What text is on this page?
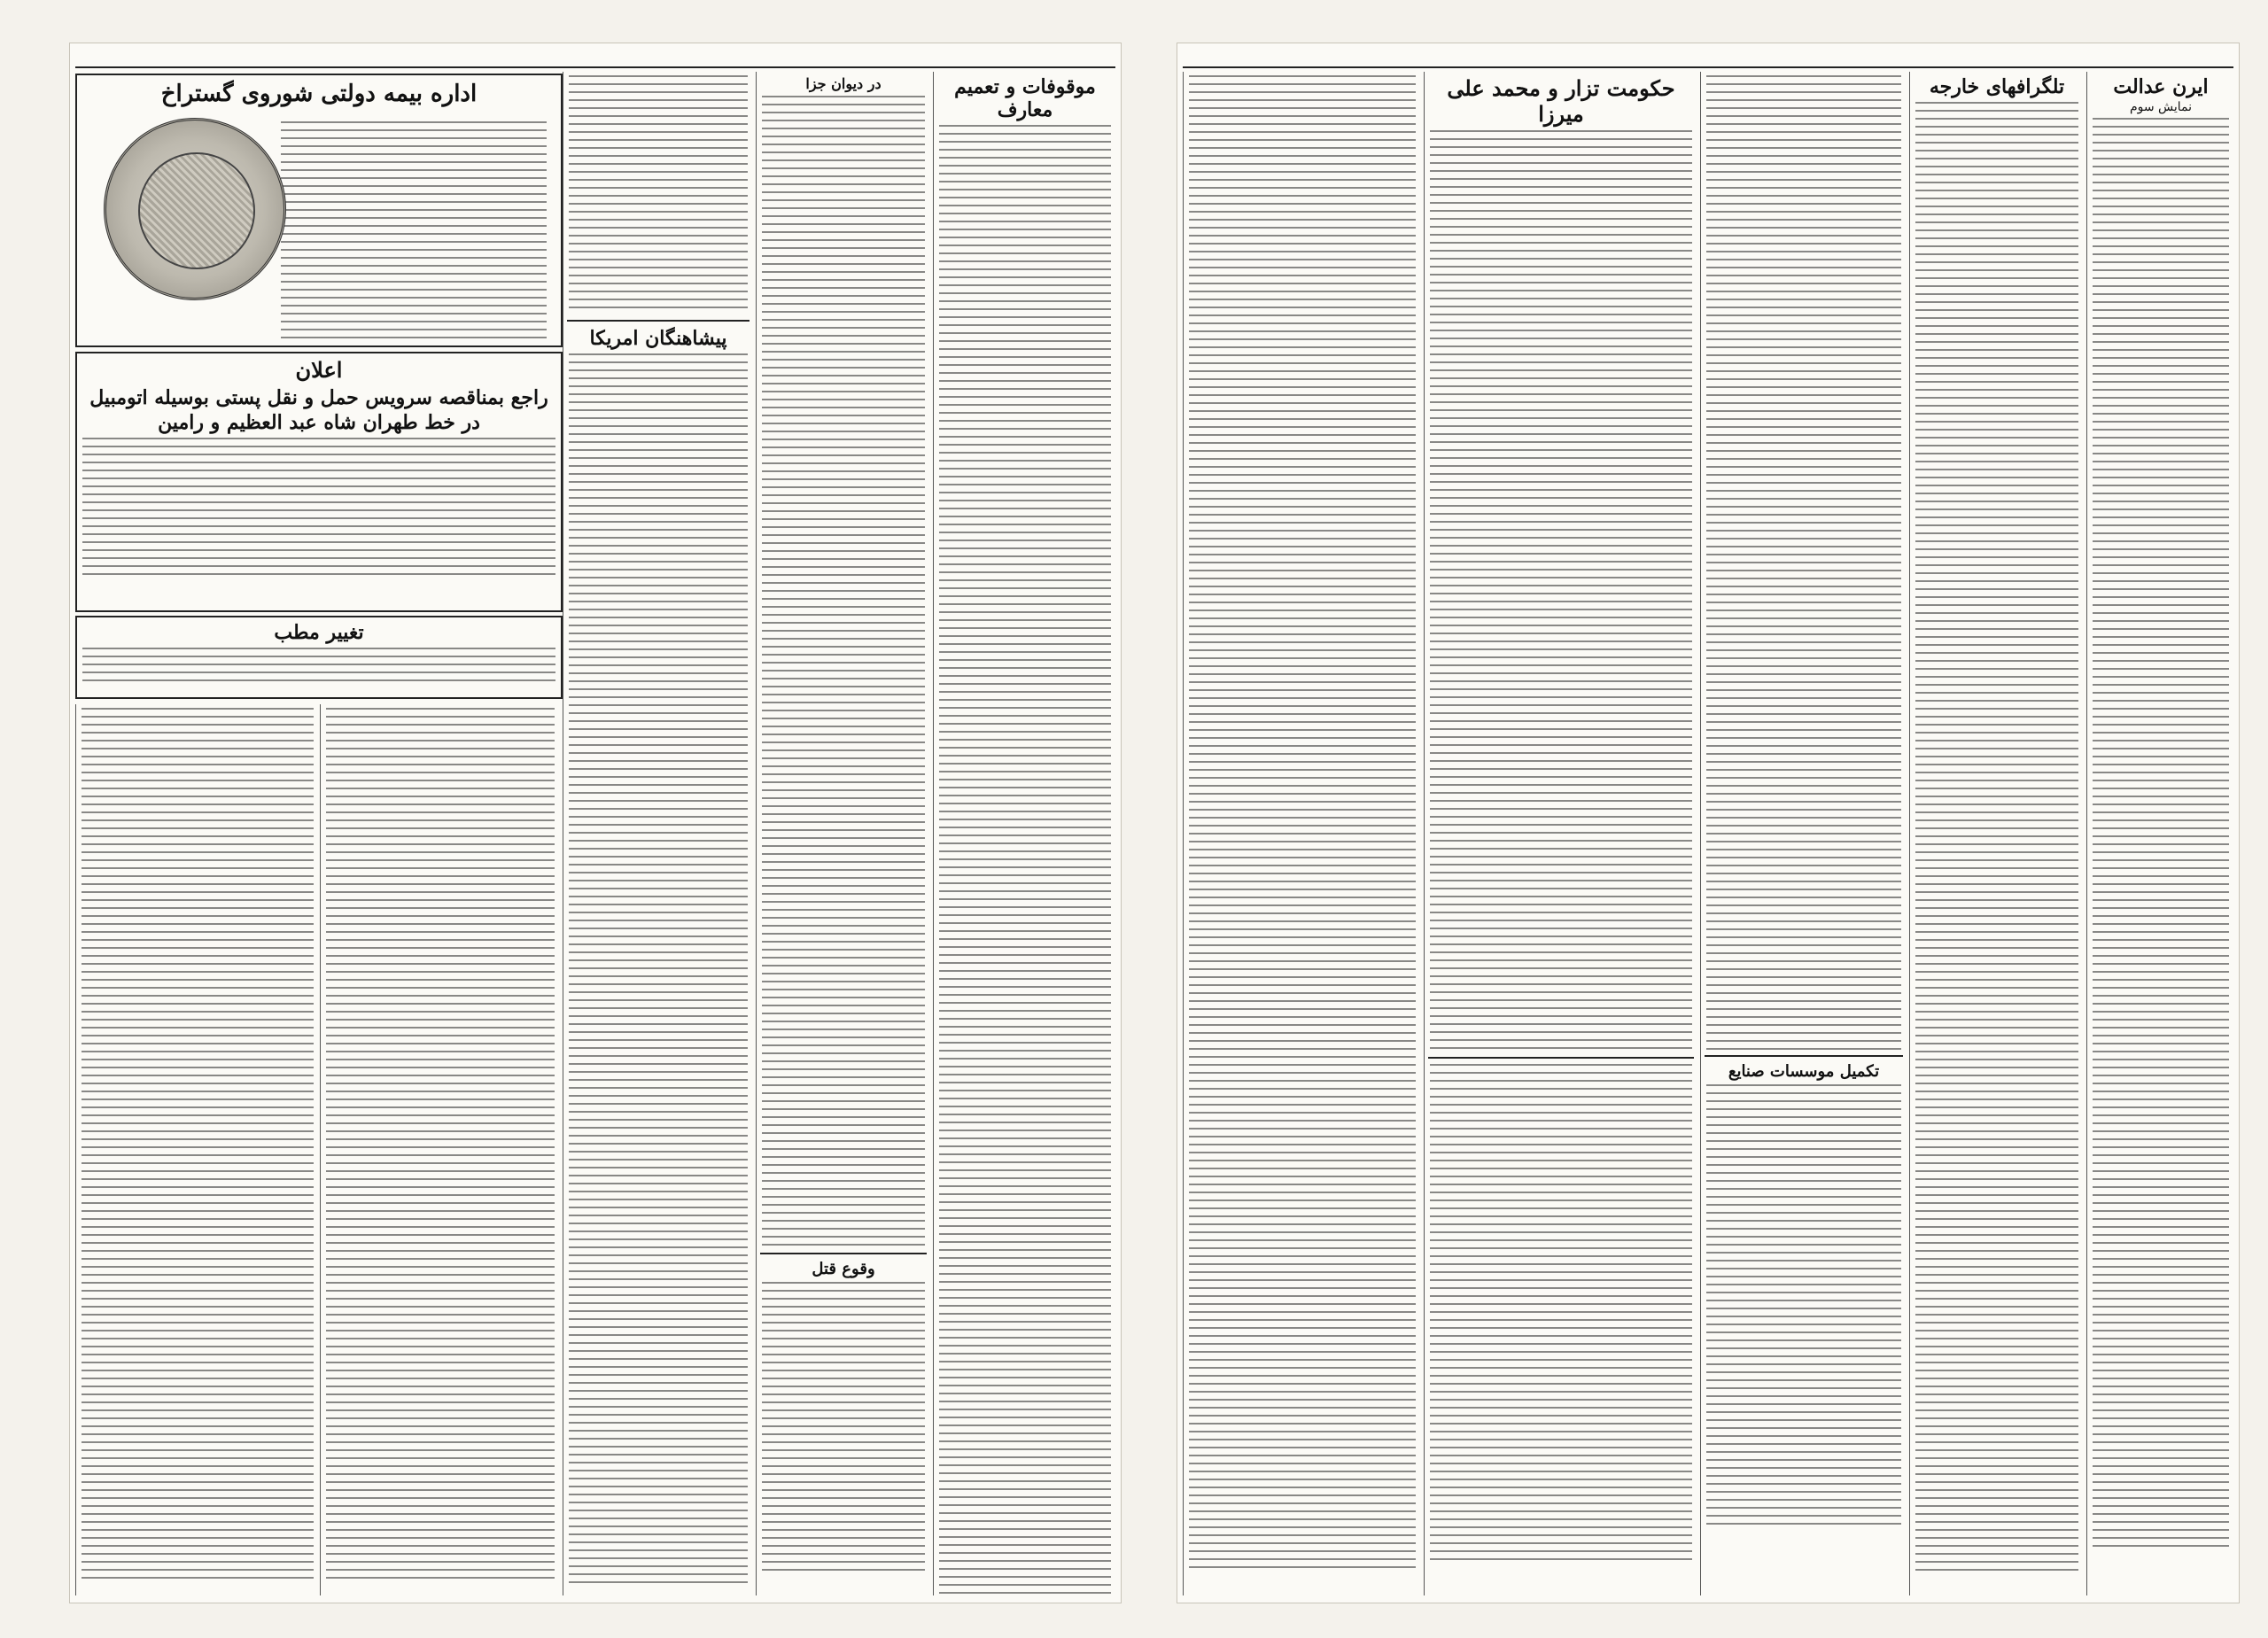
اداره بیمه دولتی شوروی گستراخ
اعلان
راجع بمناقصه سرویس حمل و نقل پستی بوسیله اتومبیل
در خط طهران شاه عبد العظیم و رامین
تغییر مطب
پیشاهنگان امریکا
در دیوان جزا
وقوع قتل
موقوفات و تعمیم معارف
حکومت تزار و محمد علی میرزا
تکمیل موسسات صنایع
تلگرافهای خارجه	ایرن عدالت
نمایش سوم
